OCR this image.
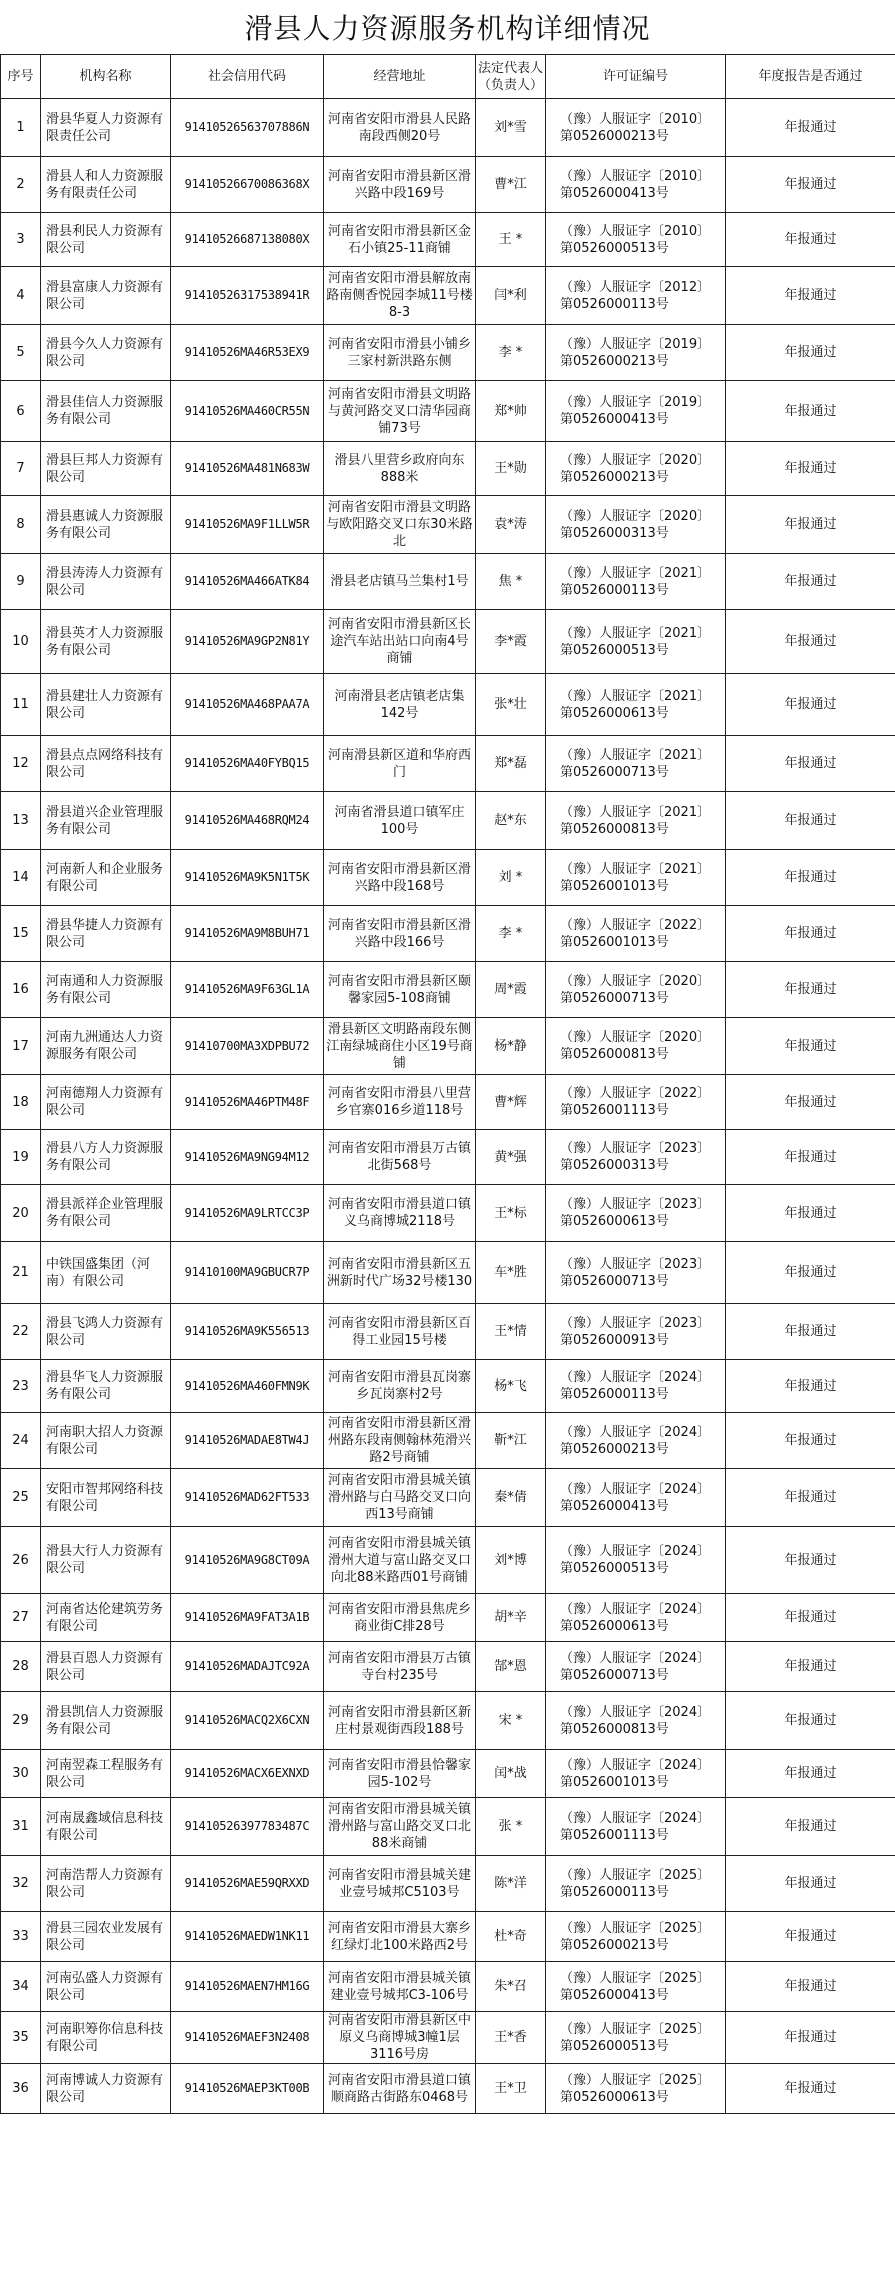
滑县人力资源服务机构详细情况
序号	机构名称	社会信用代码	经营地址	法定代表人（负责人）	许可证编号	年度报告是否通过
1	滑县华夏人力资源有限责任公司	91410526563707886N	河南省安阳市滑县人民路南段西侧20号	刘*雪	（豫）人服证字〔2010〕第0526000213号	年报通过
2	滑县人和人力资源服务有限责任公司	91410526670086368X	河南省安阳市滑县新区滑兴路中段169号	曹*江	（豫）人服证字〔2010〕第0526000413号	年报通过
3	滑县利民人力资源有限公司	91410526687138080X	河南省安阳市滑县新区金石小镇25-11商铺	王 *	（豫）人服证字〔2010〕第0526000513号	年报通过
4	滑县富康人力资源有限公司	91410526317538941R	河南省安阳市滑县解放南路南侧香悦园李城11号楼8-3	闫*利	（豫）人服证字〔2012〕第0526000113号	年报通过
5	滑县今久人力资源有限公司	91410526MA46R53EX9	河南省安阳市滑县小铺乡三家村新洪路东侧	李 *	（豫）人服证字〔2019〕第0526000213号	年报通过
6	滑县佳信人力资源服务有限公司	91410526MA460CR55N	河南省安阳市滑县文明路与黄河路交叉口清华园商铺73号	郑*帅	（豫）人服证字〔2019〕第0526000413号	年报通过
7	滑县巨邦人力资源有限公司	91410526MA481N683W	滑县八里营乡政府向东888米	王*勋	（豫）人服证字〔2020〕第0526000213号	年报通过
8	滑县惠诚人力资源服务有限公司	91410526MA9F1LLW5R	河南省安阳市滑县文明路与欧阳路交叉口东30米路北	袁*涛	（豫）人服证字〔2020〕第0526000313号	年报通过
9	滑县涛涛人力资源有限公司	91410526MA466ATK84	滑县老店镇马兰集村1号	焦 *	（豫）人服证字〔2021〕第0526000113号	年报通过
10	滑县英才人力资源服务有限公司	91410526MA9GP2N81Y	河南省安阳市滑县新区长途汽车站出站口向南4号商铺	李*霞	（豫）人服证字〔2021〕第0526000513号	年报通过
11	滑县建壮人力资源有限公司	91410526MA468PAA7A	河南滑县老店镇老店集142号	张*壮	（豫）人服证字〔2021〕第0526000613号	年报通过
12	滑县点点网络科技有限公司	91410526MA40FYBQ15	河南滑县新区道和华府西门	郑*磊	（豫）人服证字〔2021〕第0526000713号	年报通过
13	滑县道兴企业管理服务有限公司	91410526MA468RQM24	河南省滑县道口镇军庄100号	赵*东	（豫）人服证字〔2021〕第0526000813号	年报通过
14	河南新人和企业服务有限公司	91410526MA9K5N1T5K	河南省安阳市滑县新区滑兴路中段168号	刘 *	（豫）人服证字〔2021〕第0526001013号	年报通过
15	滑县华捷人力资源有限公司	91410526MA9M8BUH71	河南省安阳市滑县新区滑兴路中段166号	李 *	（豫）人服证字〔2022〕第0526001013号	年报通过
16	河南通和人力资源服务有限公司	91410526MA9F63GL1A	河南省安阳市滑县新区颐馨家园5-108商铺	周*霞	（豫）人服证字〔2020〕第0526000713号	年报通过
17	河南九洲通达人力资源服务有限公司	91410700MA3XDPBU72	滑县新区文明路南段东侧江南绿城商住小区19号商铺	杨*静	（豫）人服证字〔2020〕第0526000813号	年报通过
18	河南德翔人力资源有限公司	91410526MA46PTM48F	河南省安阳市滑县八里营乡官寨016乡道118号	曹*辉	（豫）人服证字〔2022〕第0526001113号	年报通过
19	滑县八方人力资源服务有限公司	91410526MA9NG94M12	河南省安阳市滑县万古镇北街568号	黄*强	（豫）人服证字〔2023〕第0526000313号	年报通过
20	滑县派祥企业管理服务有限公司	91410526MA9LRTCC3P	河南省安阳市滑县道口镇义乌商博城2118号	王*标	（豫）人服证字〔2023〕第0526000613号	年报通过
21	中铁国盛集团（河南）有限公司	91410100MA9GBUCR7P	河南省安阳市滑县新区五洲新时代广场32号楼130	车*胜	（豫）人服证字〔2023〕第0526000713号	年报通过
22	滑县飞鸿人力资源有限公司	91410526MA9K556513	河南省安阳市滑县新区百得工业园15号楼	王*情	（豫）人服证字〔2023〕第0526000913号	年报通过
23	滑县华飞人力资源服务有限公司	91410526MA460FMN9K	河南省安阳市滑县瓦岗寨乡瓦岗寨村2号	杨*飞	（豫）人服证字〔2024〕第0526000113号	年报通过
24	河南职大招人力资源有限公司	91410526MADAE8TW4J	河南省安阳市滑县新区滑州路东段南侧翰林苑滑兴路2号商铺	靳*江	（豫）人服证字〔2024〕第0526000213号	年报通过
25	安阳市智邦网络科技有限公司	91410526MAD62FT533	河南省安阳市滑县城关镇滑州路与白马路交叉口向西13号商铺	秦*倩	（豫）人服证字〔2024〕第0526000413号	年报通过
26	滑县大行人力资源有限公司	91410526MA9G8CT09A	河南省安阳市滑县城关镇滑州大道与富山路交叉口向北88米路西01号商铺	刘*博	（豫）人服证字〔2024〕第0526000513号	年报通过
27	河南省达伦建筑劳务有限公司	91410526MA9FAT3A1B	河南省安阳市滑县焦虎乡商业街C排28号	胡*辛	（豫）人服证字〔2024〕第0526000613号	年报通过
28	滑县百恩人力资源有限公司	91410526MADAJTC92A	河南省安阳市滑县万古镇寺台村235号	郜*恩	（豫）人服证字〔2024〕第0526000713号	年报通过
29	滑县凯信人力资源服务有限公司	91410526MACQ2X6CXN	河南省安阳市滑县新区新庄村景观街西段188号	宋 *	（豫）人服证字〔2024〕第0526000813号	年报通过
30	河南翌森工程服务有限公司	91410526MACX6EXNXD	河南省安阳市滑县恰馨家园5-102号	闰*战	（豫）人服证字〔2024〕第0526001013号	年报通过
31	河南晟鑫域信息科技有限公司	91410526397783487C	河南省安阳市滑县城关镇滑州路与富山路交叉口北88米商铺	张 *	（豫）人服证字〔2024〕第0526001113号	年报通过
32	河南浩帮人力资源有限公司	91410526MAE59QRXXD	河南省安阳市滑县城关建业壹号城邦C5103号	陈*洋	（豫）人服证字〔2025〕第0526000113号	年报通过
33	滑县三园农业发展有限公司	91410526MAEDW1NK11	河南省安阳市滑县大寨乡红绿灯北100米路西2号	杜*奇	（豫）人服证字〔2025〕第0526000213号	年报通过
34	河南弘盛人力资源有限公司	91410526MAEN7HM16G	河南省安阳市滑县城关镇建业壹号城邦C3-106号	朱*召	（豫）人服证字〔2025〕第0526000413号	年报通过
35	河南职筹你信息科技有限公司	91410526MAEF3N2408	河南省安阳市滑县新区中原义乌商博城3幢1层3116号房	王*香	（豫）人服证字〔2025〕第0526000513号	年报通过
36	河南博诚人力资源有限公司	91410526MAEP3KT00B	河南省安阳市滑县道口镇顺商路古街路东0468号	王*卫	（豫）人服证字〔2025〕第0526000613号	年报通过
